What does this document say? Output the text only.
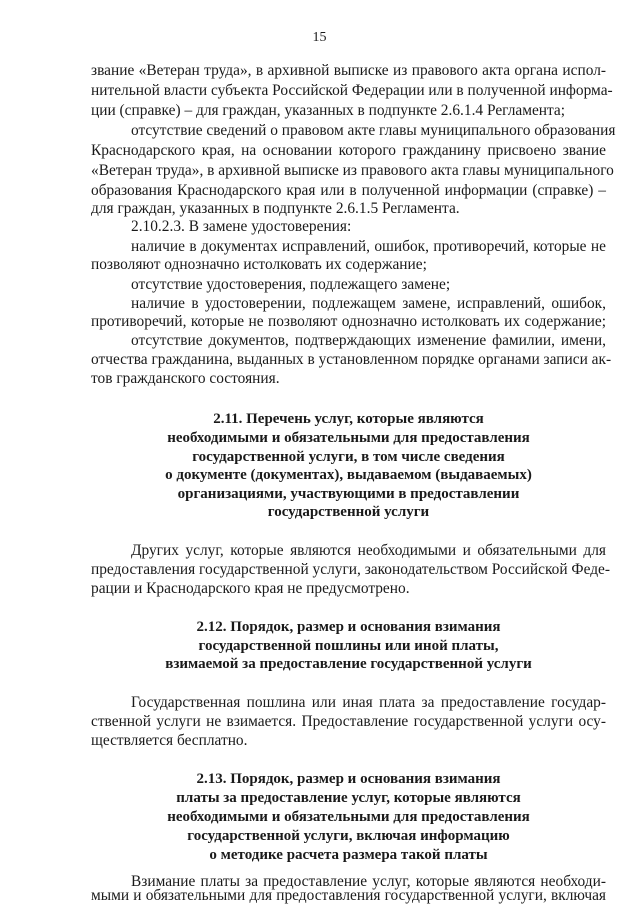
15
звание «Ветеран труда», в архивной выписке из правового акта органа испол-
нительной власти субъекта Российской Федерации или в полученной информа-
ции (справке) – для граждан, указанных в подпункте 2.6.1.4 Регламента;
отсутствие сведений о правовом акте главы муниципального образования
Краснодарского края, на основании которого гражданину присвоено звание
«Ветеран труда», в архивной выписке из правового акта главы муниципального
образования Краснодарского края или в полученной информации (справке) –
для граждан, указанных в подпункте 2.6.1.5 Регламента.
2.10.2.3. В замене удостоверения:
наличие в документах исправлений, ошибок, противоречий, которые не
позволяют однозначно истолковать их содержание;
отсутствие удостоверения, подлежащего замене;
наличие в удостоверении, подлежащем замене, исправлений, ошибок,
противоречий, которые не позволяют однозначно истолковать их содержание;
отсутствие документов, подтверждающих изменение фамилии, имени,
отчества гражданина, выданных в установленном порядке органами записи ак-
тов гражданского состояния.
2.11. Перечень услуг, которые являются
необходимыми и обязательными для предоставления
государственной услуги, в том числе сведения
о документе (документах), выдаваемом (выдаваемых)
организациями, участвующими в предоставлении
государственной услуги
Других услуг, которые являются необходимыми и обязательными для
предоставления государственной услуги, законодательством Российской Феде-
рации и Краснодарского края не предусмотрено.
2.12. Порядок, размер и основания взимания
государственной пошлины или иной платы,
взимаемой за предоставление государственной услуги
Государственная пошлина или иная плата за предоставление государ-
ственной услуги не взимается. Предоставление государственной услуги осу-
ществляется бесплатно.
2.13. Порядок, размер и основания взимания
платы за предоставление услуг, которые являются
необходимыми и обязательными для предоставления
государственной услуги, включая информацию
о методике расчета размера такой платы
Взимание платы за предоставление услуг, которые являются необходи-
мыми и обязательными для предоставления государственной услуги, включая
